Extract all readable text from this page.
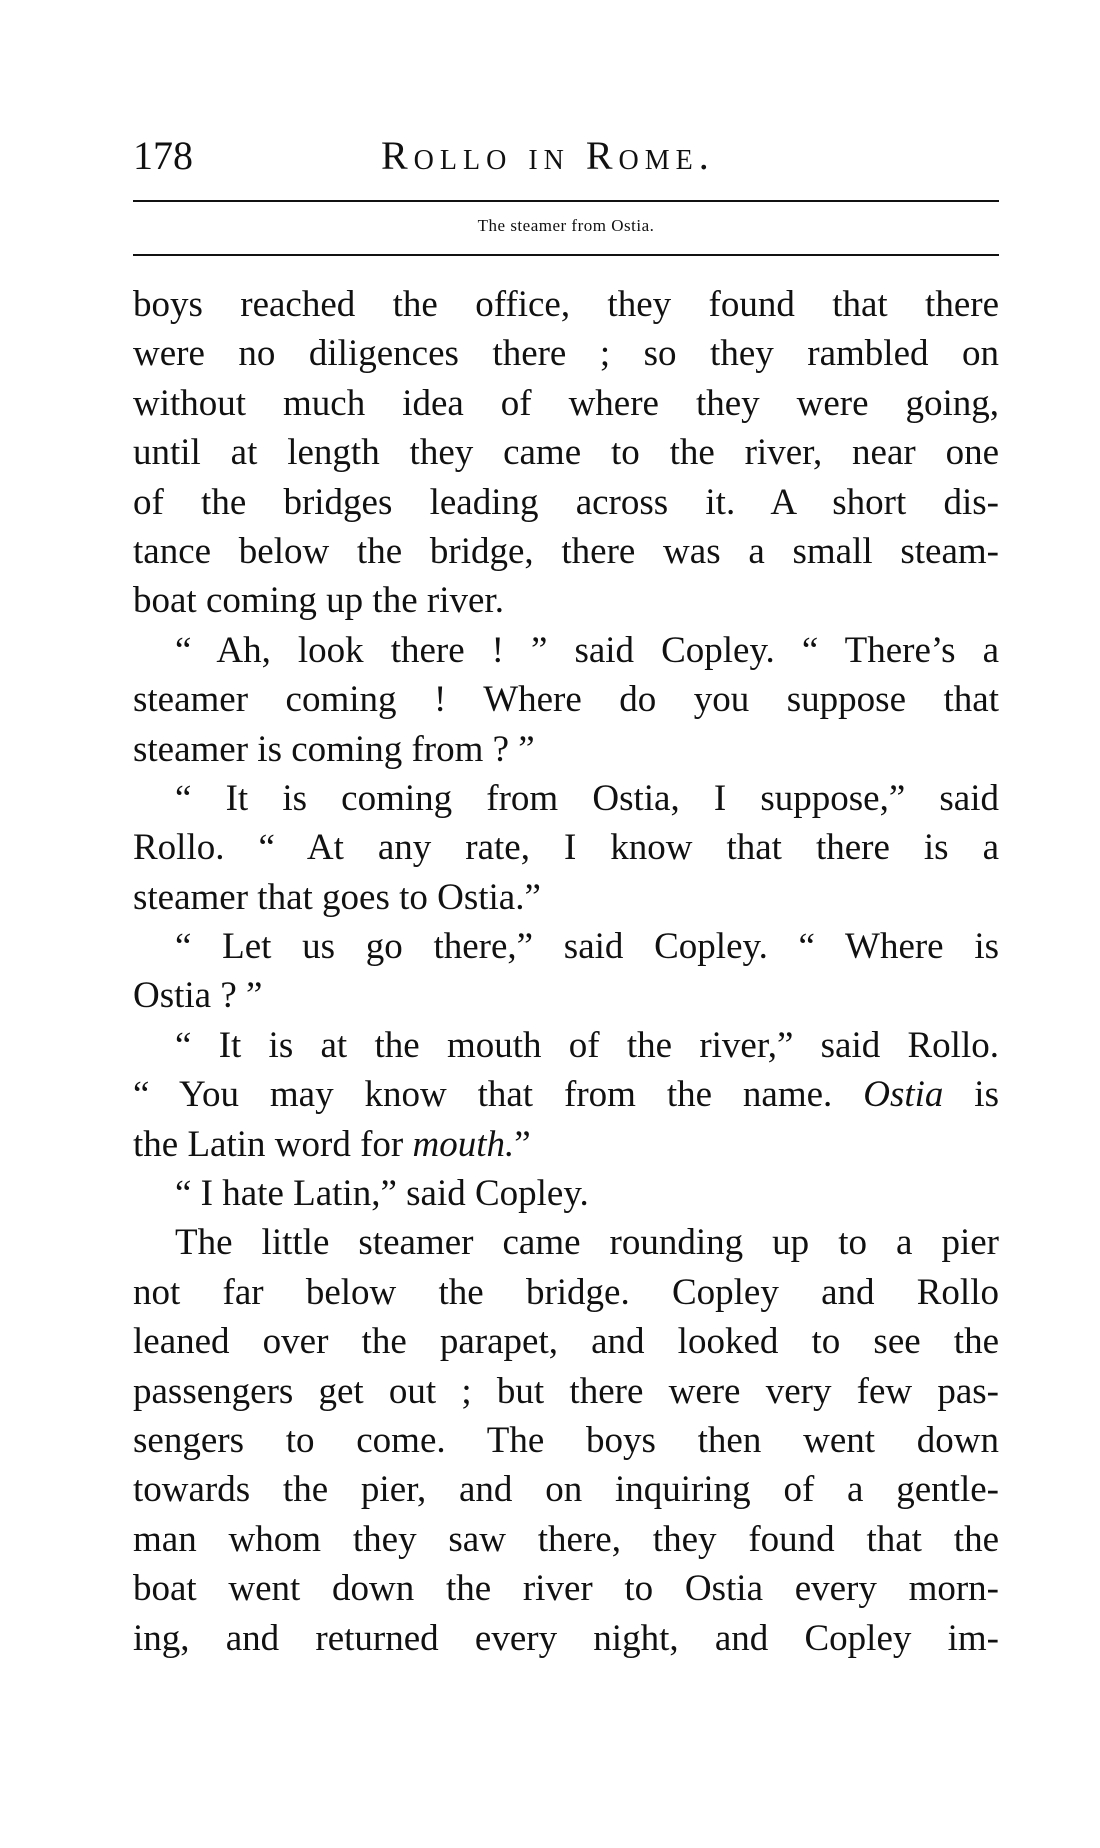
178	Rollo in Rome.
The steamer from Ostia.
boys reached the office, they found that there
were no diligences there ; so they rambled on
without much idea of where they were going,
until at length they came to the river, near one
of the bridges leading across it. A short dis-
tance below the bridge, there was a small steam-
boat coming up the river.
“ Ah, look there ! ” said Copley. “ There’s a
steamer coming ! Where do you suppose that
steamer is coming from ? ”
“ It is coming from Ostia, I suppose,” said
Rollo. “ At any rate, I know that there is a
steamer that goes to Ostia.”
“ Let us go there,” said Copley. “ Where is
Ostia ? ”
“ It is at the mouth of the river,” said Rollo.
“ You may know that from the name. Ostia is
the Latin word for mouth.”
“ I hate Latin,” said Copley.
The little steamer came rounding up to a pier
not far below the bridge. Copley and Rollo
leaned over the parapet, and looked to see the
passengers get out ; but there were very few pas-
sengers to come. The boys then went down
towards the pier, and on inquiring of a gentle-
man whom they saw there, they found that the
boat went down the river to Ostia every morn-
ing, and returned every night, and Copley im-
